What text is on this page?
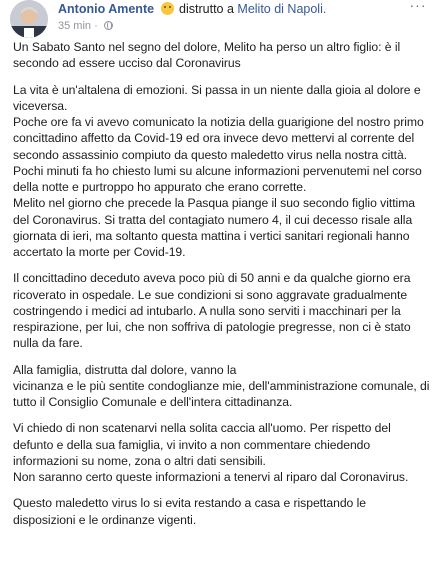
Antonio Amente distrutto a Melito di Napoli.
35 min ·
···

Un Sabato Santo nel segno del dolore, Melito ha perso un altro figlio: è il secondo ad essere ucciso dal Coronavirus

La vita è un'altalena di emozioni. Si passa in un niente dalla gioia al dolore e viceversa.
Poche ore fa vi avevo comunicato la notizia della guarigione del nostro primo concittadino affetto da Covid-19 ed ora invece devo mettervi al corrente del secondo assassinio compiuto da questo maledetto virus nella nostra città.
Pochi minuti fa ho chiesto lumi su alcune informazioni pervenutemi nel corso della notte e purtroppo ho appurato che erano corrette.
Melito nel giorno che precede la Pasqua piange il suo secondo figlio vittima del Coronavirus. Si tratta del contagiato numero 4, il cui decesso risale alla giornata di ieri, ma soltanto questa mattina i vertici sanitari regionali hanno accertato la morte per Covid-19.

Il concittadino deceduto aveva poco più di 50 anni e da qualche giorno era ricoverato in ospedale. Le sue condizioni si sono aggravate gradualmente costringendo i medici ad intubarlo. A nulla sono serviti i macchinari per la respirazione, per lui, che non soffriva di patologie pregresse, non ci è stato nulla da fare.

Alla famiglia, distrutta dal dolore, vanno la
vicinanza e le più sentite condoglianze mie, dell'amministrazione comunale, di tutto il Consiglio Comunale e dell'intera cittadinanza.

Vi chiedo di non scatenarvi nella solita caccia all'uomo. Per rispetto del defunto e della sua famiglia, vi invito a non commentare chiedendo informazioni su nome, zona o altri dati sensibili.
Non saranno certo queste informazioni a tenervi al riparo dal Coronavirus.

Questo maledetto virus lo si evita restando a casa e rispettando le disposizioni e le ordinanze vigenti.
